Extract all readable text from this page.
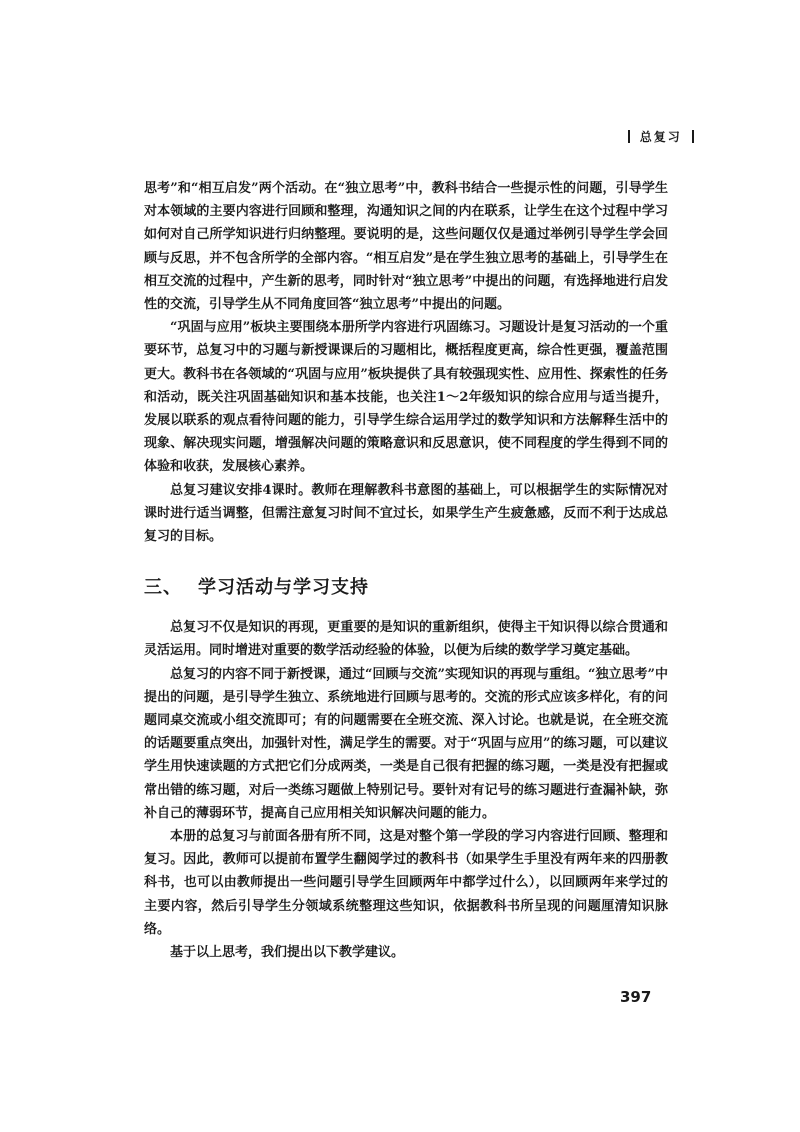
总复习

思考”和“相互启发”两个活动。在“独立思考”中，教科书结合一些提示性的问题，引导学生对本领域的主要内容进行回顾和整理，沟通知识之间的内在联系，让学生在这个过程中学习如何对自己所学知识进行归纳整理。要说明的是，这些问题仅仅是通过举例引导学生学会回顾与反思，并不包含所学的全部内容。“相互启发”是在学生独立思考的基础上，引导学生在相互交流的过程中，产生新的思考，同时针对“独立思考”中提出的问题，有选择地进行启发性的交流，引导学生从不同角度回答“独立思考”中提出的问题。

“巩固与应用”板块主要围绕本册所学内容进行巩固练习。习题设计是复习活动的一个重要环节，总复习中的习题与新授课课后的习题相比，概括程度更高，综合性更强，覆盖范围更大。教科书在各领域的“巩固与应用”板块提供了具有较强现实性、应用性、探索性的任务和活动，既关注巩固基础知识和基本技能，也关注1～2年级知识的综合应用与适当提升，发展以联系的观点看待问题的能力，引导学生综合运用学过的数学知识和方法解释生活中的现象、解决现实问题，增强解决问题的策略意识和反思意识，使不同程度的学生得到不同的体验和收获，发展核心素养。

总复习建议安排4课时。教师在理解教科书意图的基础上，可以根据学生的实际情况对课时进行适当调整，但需注意复习时间不宜过长，如果学生产生疲惫感，反而不利于达成总复习的目标。

三、 学习活动与学习支持

总复习不仅是知识的再现，更重要的是知识的重新组织，使得主干知识得以综合贯通和灵活运用。同时增进对重要的数学活动经验的体验，以便为后续的数学学习奠定基础。

总复习的内容不同于新授课，通过“回顾与交流”实现知识的再现与重组。“独立思考”中提出的问题，是引导学生独立、系统地进行回顾与思考的。交流的形式应该多样化，有的问题同桌交流或小组交流即可；有的问题需要在全班交流、深入讨论。也就是说，在全班交流的话题要重点突出，加强针对性，满足学生的需要。对于“巩固与应用”的练习题，可以建议学生用快速读题的方式把它们分成两类，一类是自己很有把握的练习题，一类是没有把握或常出错的练习题，对后一类练习题做上特别记号。要针对有记号的练习题进行查漏补缺，弥补自己的薄弱环节，提高自己应用相关知识解决问题的能力。

本册的总复习与前面各册有所不同，这是对整个第一学段的学习内容进行回顾、整理和复习。因此，教师可以提前布置学生翻阅学过的教科书（如果学生手里没有两年来的四册教科书，也可以由教师提出一些问题引导学生回顾两年中都学过什么），以回顾两年来学过的主要内容，然后引导学生分领域系统整理这些知识，依据教科书所呈现的问题厘清知识脉络。

基于以上思考，我们提出以下教学建议。

397
